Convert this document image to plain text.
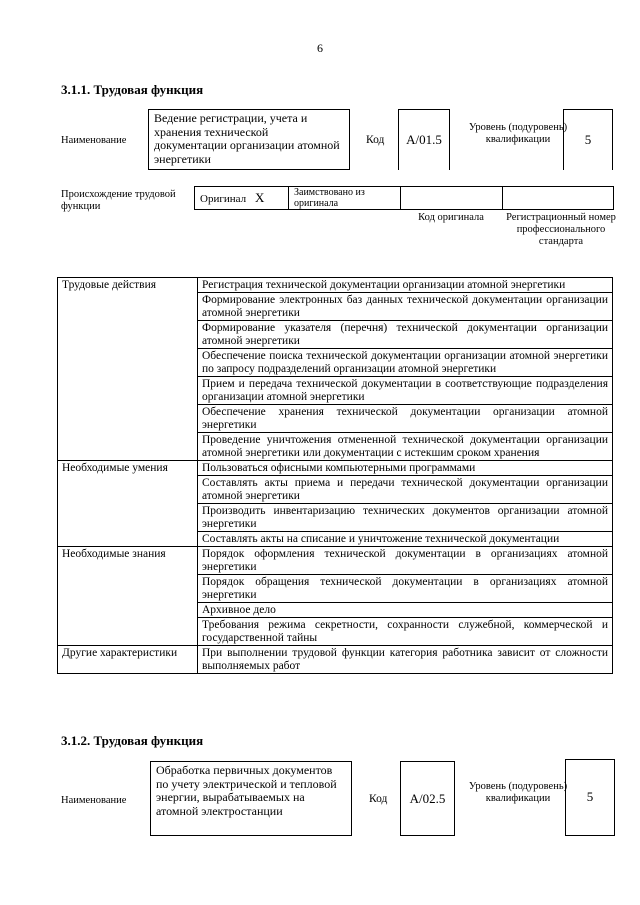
6
3.1.1. Трудовая функция
Наименование
Ведение регистрации, учета и хранения технической документации организации атомной энергетики
Код	А/01.5
Уровень (подуровень) квалификации	5
Происхождение трудовой функции
Оригинал X	Заимствовано из оригинала
Код оригинала	Регистрационный номер профессионального стандарта
Трудовые действия	Регистрация технической документации организации атомной энергетики
	Формирование электронных баз данных технической документации организации атомной энергетики
	Формирование указателя (перечня) технической документации организации атомной энергетики
	Обеспечение поиска технической документации организации атомной энергетики по запросу подразделений организации атомной энергетики
	Прием и передача технической документации в соответствующие подразделения организации атомной энергетики
	Обеспечение хранения технической документации организации атомной энергетики
	Проведение уничтожения отмененной технической документации организации атомной энергетики или документации с истекшим сроком хранения
Необходимые умения	Пользоваться офисными компьютерными программами
	Составлять акты приема и передачи технической документации организации атомной энергетики
	Производить инвентаризацию технических документов организации атомной энергетики
	Составлять акты на списание и уничтожение технической документации
Необходимые знания	Порядок оформления технической документации в организациях атомной энергетики
	Порядок обращения технической документации в организациях атомной энергетики
	Архивное дело
	Требования режима секретности, сохранности служебной, коммерческой и государственной тайны
Другие характеристики	При выполнении трудовой функции категория работника зависит от сложности выполняемых работ
3.1.2. Трудовая функция
Наименование
Обработка первичных документов по учету электрической и тепловой энергии, вырабатываемых на атомной электростанции
Код	А/02.5
Уровень (подуровень) квалификации	5
